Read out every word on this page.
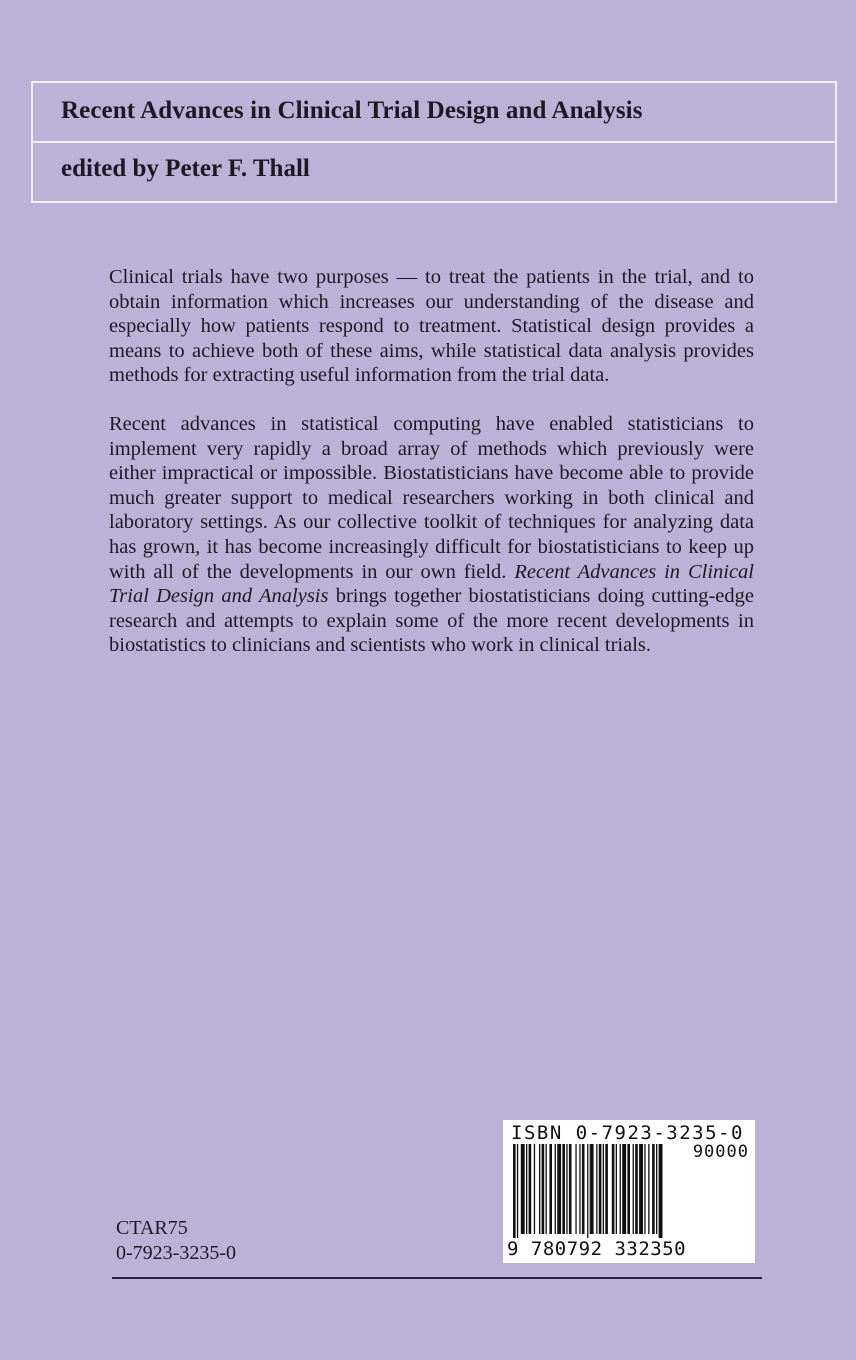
Recent Advances in Clinical Trial Design and Analysis
edited by Peter F. Thall

Clinical trials have two purposes — to treat the patients in the trial, and to obtain information which increases our understanding of the disease and especially how patients respond to treatment. Statistical design provides a means to achieve both of these aims, while statistical data analysis provides methods for extracting useful information from the trial data.

Recent advances in statistical computing have enabled statisticians to implement very rapidly a broad array of methods which previously were either impractical or impossible. Biostatisticians have become able to provide much greater support to medical researchers working in both clinical and laboratory settings. As our collective toolkit of techniques for analyzing data has grown, it has become increasingly difficult for biostatisticians to keep up with all of the developments in our own field. Recent Advances in Clinical Trial Design and Analysis brings together biostatisticians doing cutting-edge research and attempts to explain some of the more recent developments in biostatistics to clinicians and scientists who work in clinical trials.

ISBN 0-7923-3235-0
90000
9 780792 332350
CTAR75
0-7923-3235-0
